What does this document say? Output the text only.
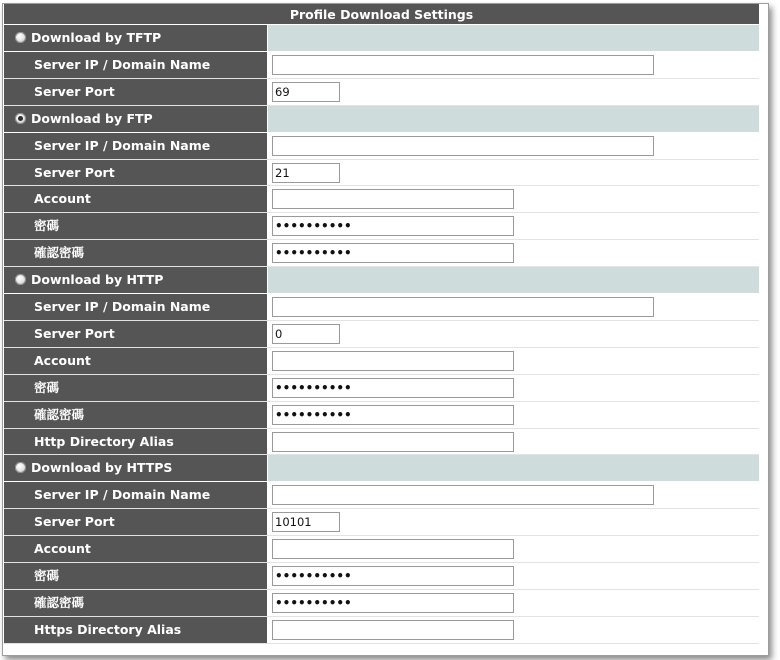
Profile Download Settings
Download by TFTP
Server IP / Domain Name
Server Port	69
Download by FTP
Server IP / Domain Name
Server Port	21
Account
密碼	••••••••••
確認密碼	••••••••••
Download by HTTP
Server IP / Domain Name
Server Port	0
Account
密碼	••••••••••
確認密碼	••••••••••
Http Directory Alias
Download by HTTPS
Server IP / Domain Name
Server Port	10101
Account
密碼	••••••••••
確認密碼	••••••••••
Https Directory Alias
